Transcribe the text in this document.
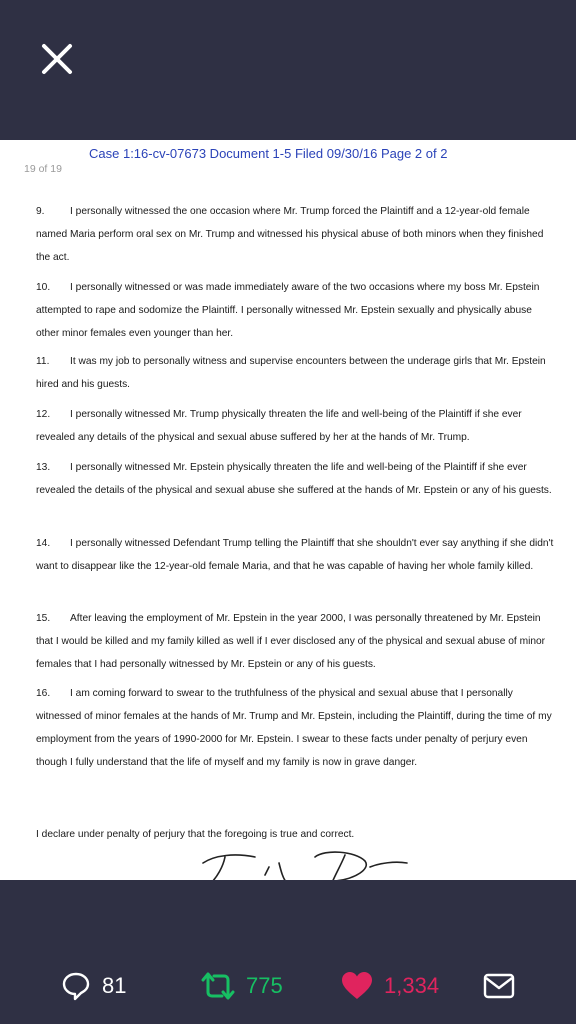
Case 1:16-cv-07673 Document 1-5 Filed 09/30/16 Page 2 of 2
19 of 19
9.	I personally witnessed the one occasion where Mr. Trump forced the Plaintiff and a 12-year-old female named Maria perform oral sex on Mr. Trump and witnessed his physical abuse of both minors when they finished the act.
10. I personally witnessed or was made immediately aware of the two occasions where my boss Mr. Epstein attempted to rape and sodomize the Plaintiff. I personally witnessed Mr. Epstein sexually and physically abuse other minor females even younger than her.
11. It was my job to personally witness and supervise encounters between the underage girls that Mr. Epstein hired and his guests.
12. I personally witnessed Mr. Trump physically threaten the life and well-being of the Plaintiff if she ever revealed any details of the physical and sexual abuse suffered by her at the hands of Mr. Trump.
13. I personally witnessed Mr. Epstein physically threaten the life and well-being of the Plaintiff if she ever revealed the details of the physical and sexual abuse she suffered at the hands of Mr. Epstein or any of his guests.
14. I personally witnessed Defendant Trump telling the Plaintiff that she shouldn't ever say anything if she didn't want to disappear like the 12-year-old female Maria, and that he was capable of having her whole family killed.
15. After leaving the employment of Mr. Epstein in the year 2000, I was personally threatened by Mr. Epstein that I would be killed and my family killed as well if I ever disclosed any of the physical and sexual abuse of minor females that I had personally witnessed by Mr. Epstein or any of his guests.
16. I am coming forward to swear to the truthfulness of the physical and sexual abuse that I personally witnessed of minor females at the hands of Mr. Trump and Mr. Epstein, including the Plaintiff, during the time of my employment from the years of 1990-2000 for Mr. Epstein. I swear to these facts under penalty of perjury even though I fully understand that the life of myself and my family is now in grave danger.
I declare under penalty of perjury that the foregoing is true and correct.
81	775	1,334
